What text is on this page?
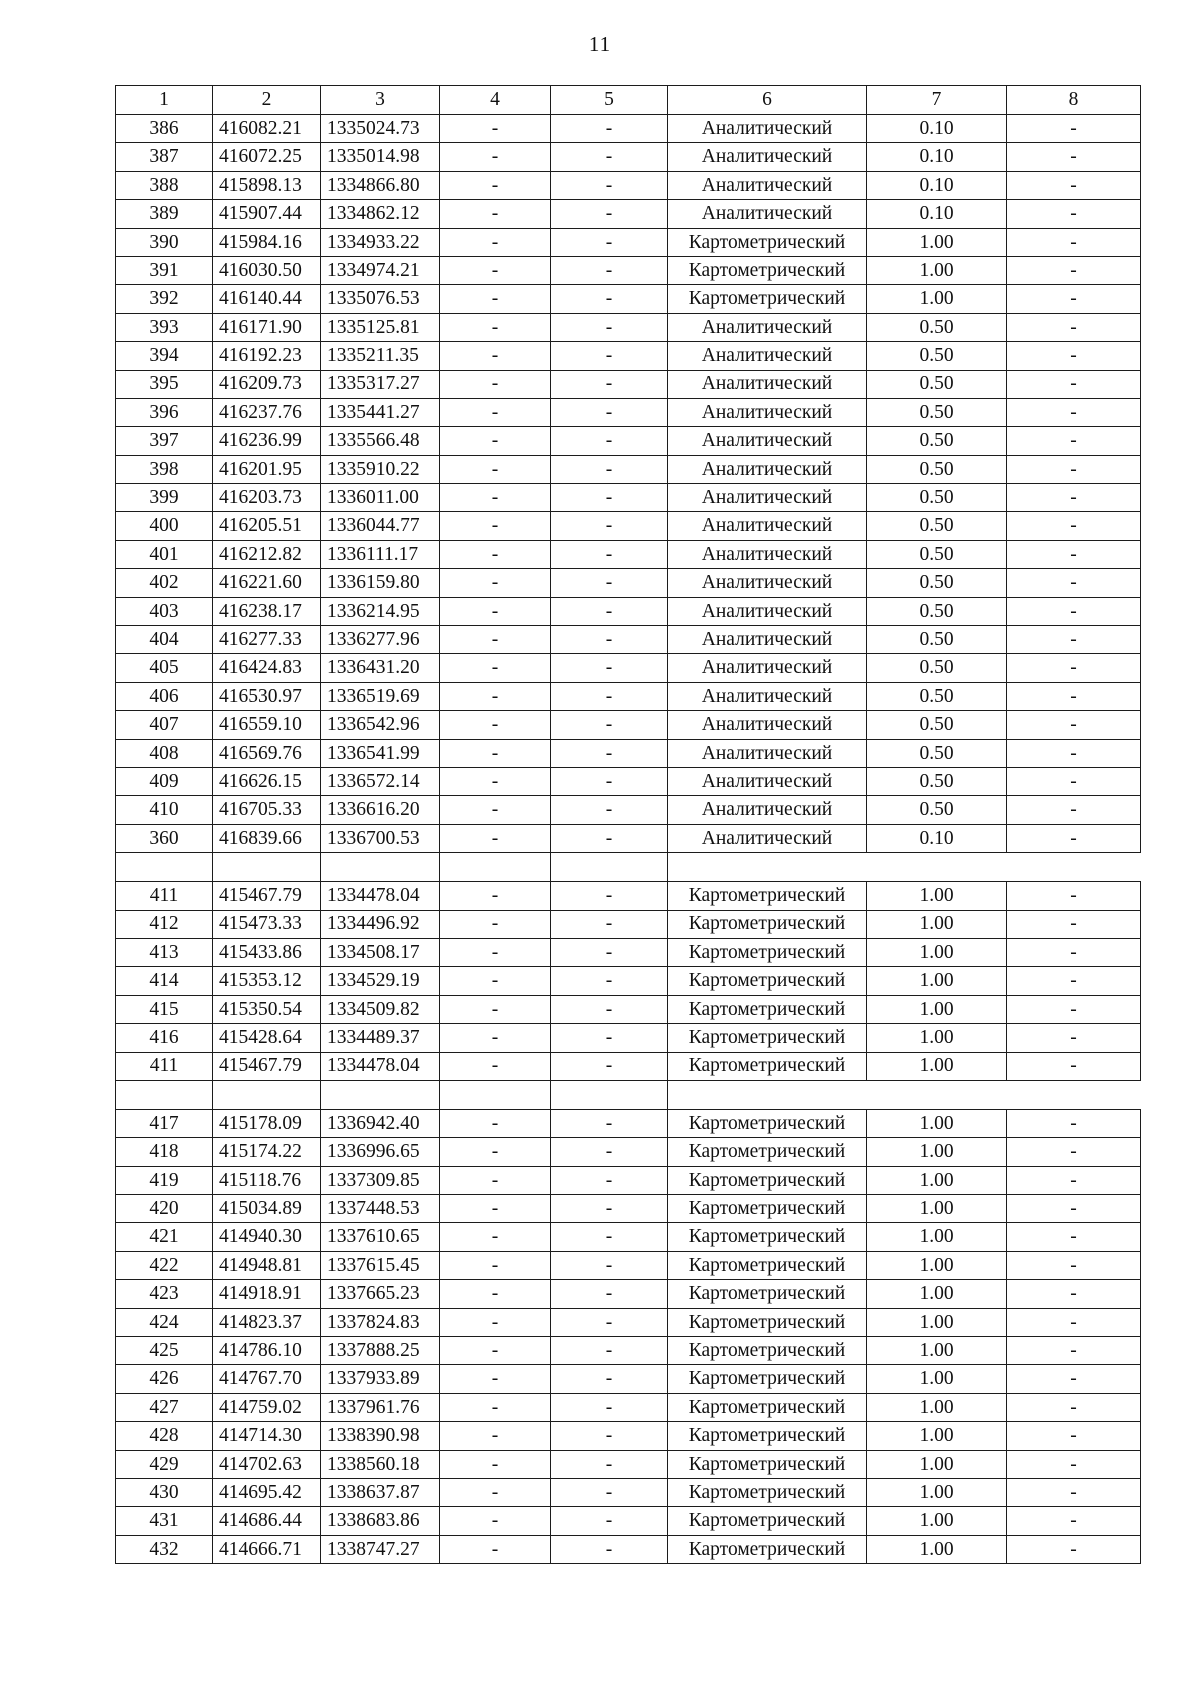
11
1	2	3	4	5	6	7	8
386	416082.21	1335024.73	-	-	Аналитический	0.10	-
387	416072.25	1335014.98	-	-	Аналитический	0.10	-
388	415898.13	1334866.80	-	-	Аналитический	0.10	-
389	415907.44	1334862.12	-	-	Аналитический	0.10	-
390	415984.16	1334933.22	-	-	Картометрический	1.00	-
391	416030.50	1334974.21	-	-	Картометрический	1.00	-
392	416140.44	1335076.53	-	-	Картометрический	1.00	-
393	416171.90	1335125.81	-	-	Аналитический	0.50	-
394	416192.23	1335211.35	-	-	Аналитический	0.50	-
395	416209.73	1335317.27	-	-	Аналитический	0.50	-
396	416237.76	1335441.27	-	-	Аналитический	0.50	-
397	416236.99	1335566.48	-	-	Аналитический	0.50	-
398	416201.95	1335910.22	-	-	Аналитический	0.50	-
399	416203.73	1336011.00	-	-	Аналитический	0.50	-
400	416205.51	1336044.77	-	-	Аналитический	0.50	-
401	416212.82	1336111.17	-	-	Аналитический	0.50	-
402	416221.60	1336159.80	-	-	Аналитический	0.50	-
403	416238.17	1336214.95	-	-	Аналитический	0.50	-
404	416277.33	1336277.96	-	-	Аналитический	0.50	-
405	416424.83	1336431.20	-	-	Аналитический	0.50	-
406	416530.97	1336519.69	-	-	Аналитический	0.50	-
407	416559.10	1336542.96	-	-	Аналитический	0.50	-
408	416569.76	1336541.99	-	-	Аналитический	0.50	-
409	416626.15	1336572.14	-	-	Аналитический	0.50	-
410	416705.33	1336616.20	-	-	Аналитический	0.50	-
360	416839.66	1336700.53	-	-	Аналитический	0.10	-

411	415467.79	1334478.04	-	-	Картометрический	1.00	-
412	415473.33	1334496.92	-	-	Картометрический	1.00	-
413	415433.86	1334508.17	-	-	Картометрический	1.00	-
414	415353.12	1334529.19	-	-	Картометрический	1.00	-
415	415350.54	1334509.82	-	-	Картометрический	1.00	-
416	415428.64	1334489.37	-	-	Картометрический	1.00	-
411	415467.79	1334478.04	-	-	Картометрический	1.00	-

417	415178.09	1336942.40	-	-	Картометрический	1.00	-
418	415174.22	1336996.65	-	-	Картометрический	1.00	-
419	415118.76	1337309.85	-	-	Картометрический	1.00	-
420	415034.89	1337448.53	-	-	Картометрический	1.00	-
421	414940.30	1337610.65	-	-	Картометрический	1.00	-
422	414948.81	1337615.45	-	-	Картометрический	1.00	-
423	414918.91	1337665.23	-	-	Картометрический	1.00	-
424	414823.37	1337824.83	-	-	Картометрический	1.00	-
425	414786.10	1337888.25	-	-	Картометрический	1.00	-
426	414767.70	1337933.89	-	-	Картометрический	1.00	-
427	414759.02	1337961.76	-	-	Картометрический	1.00	-
428	414714.30	1338390.98	-	-	Картометрический	1.00	-
429	414702.63	1338560.18	-	-	Картометрический	1.00	-
430	414695.42	1338637.87	-	-	Картометрический	1.00	-
431	414686.44	1338683.86	-	-	Картометрический	1.00	-
432	414666.71	1338747.27	-	-	Картометрический	1.00	-
